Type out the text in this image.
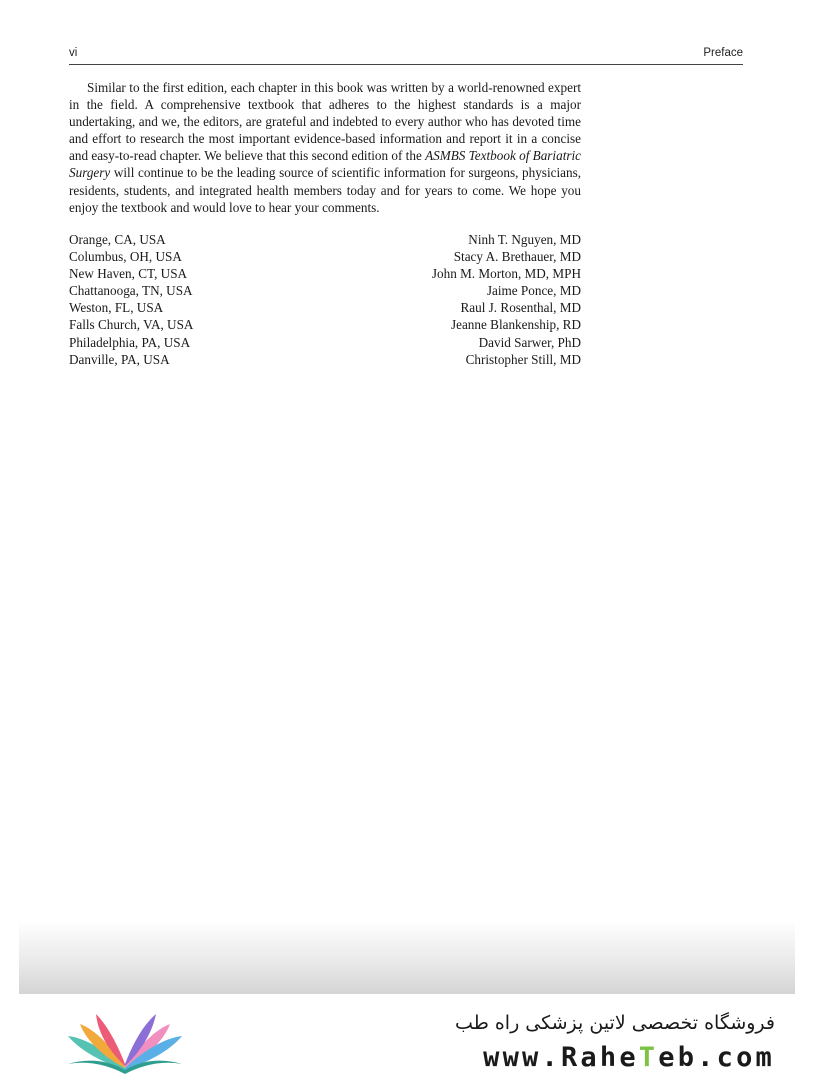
vi	Preface

Similar to the first edition, each chapter in this book was written by a world-renowned expert in the field. A comprehensive textbook that adheres to the highest standards is a major undertaking, and we, the editors, are grateful and indebted to every author who has devoted time and effort to research the most important evidence-based information and report it in a concise and easy-to-read chapter. We believe that this second edition of the ASMBS Textbook of Bariatric Surgery will continue to be the leading source of scientific information for surgeons, physicians, residents, students, and integrated health members today and for years to come. We hope you enjoy the textbook and would love to hear your comments.

Orange, CA, USA	Ninh T. Nguyen, MD
Columbus, OH, USA	Stacy A. Brethauer, MD
New Haven, CT, USA	John M. Morton, MD, MPH
Chattanooga, TN, USA	Jaime Ponce, MD
Weston, FL, USA	Raul J. Rosenthal, MD
Falls Church, VA, USA	Jeanne Blankenship, RD
Philadelphia, PA, USA	David Sarwer, PhD
Danville, PA, USA	Christopher Still, MD
فروشگاه تخصصی لاتین پزشکی راه طب
www.RaheTeb.com
